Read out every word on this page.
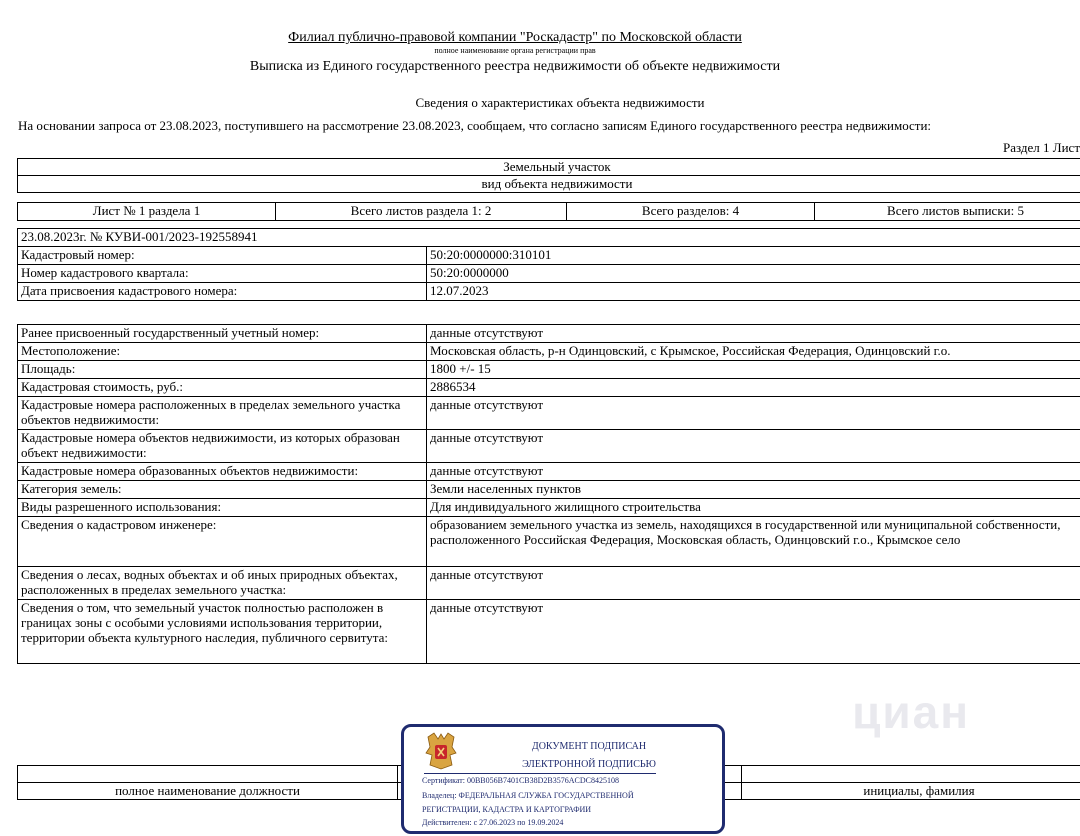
циан
Филиал публично-правовой компании "Роскадастр" по Московской области
полное наименование органа регистрации прав
Выписка из Единого государственного реестра недвижимости об объекте недвижимости
Сведения о характеристиках объекта недвижимости
На основании запроса от 23.08.2023, поступившего на рассмотрение 23.08.2023, сообщаем, что согласно записям Единого государственного реестра недвижимости:
Раздел 1 Лист
Земельный участок
вид объекта недвижимости
Лист № 1 раздела 1	Всего листов раздела 1: 2	Всего разделов: 4	Всего листов выписки: 5
23.08.2023г. № КУВИ-001/2023-192558941	
Кадастровый номер:	50:20:0000000:310101
Номер кадастрового квартала:	50:20:0000000
Дата присвоения кадастрового номера:	12.07.2023
Ранее присвоенный государственный учетный номер:	данные отсутствуют
Местоположение:	Московская область, р-н Одинцовский, с Крымское, Российская Федерация, Одинцовский г.о.
Площадь:	1800 +/- 15
Кадастровая стоимость, руб.:	2886534
Кадастровые номера расположенных в пределах земельного участка объектов недвижимости:	данные отсутствуют
Кадастровые номера объектов недвижимости, из которых образован объект недвижимости:	данные отсутствуют
Кадастровые номера образованных объектов недвижимости:	данные отсутствуют
Категория земель:	Земли населенных пунктов
Виды разрешенного использования:	Для индивидуального жилищного строительства
Сведения о кадастровом инженере:	образованием земельного участка из земель, находящихся в государственной или муниципальной собственности, расположенного Российская Федерация, Московская область, Одинцовский г.о., Крымское село
Сведения о лесах, водных объектах и об иных природных объектах, расположенных в пределах земельного участка:	данные отсутствуют
Сведения о том, что земельный участок полностью расположен в границах зоны с особыми условиями использования территории, территории объекта культурного наследия, публичного сервитута:	данные отсутствуют

полное наименование должности		инициалы, фамилия
ДОКУМЕНТ ПОДПИСАН
ЭЛЕКТРОННОЙ ПОДПИСЬЮ
Сертификат: 00BB056B7401CB38D2B3576ACDC8425108
Владелец: ФЕДЕРАЛЬНАЯ СЛУЖБА ГОСУДАРСТВЕННОЙ
РЕГИСТРАЦИИ, КАДАСТРА И КАРТОГРАФИИ
Действителен: с 27.06.2023 по 19.09.2024
